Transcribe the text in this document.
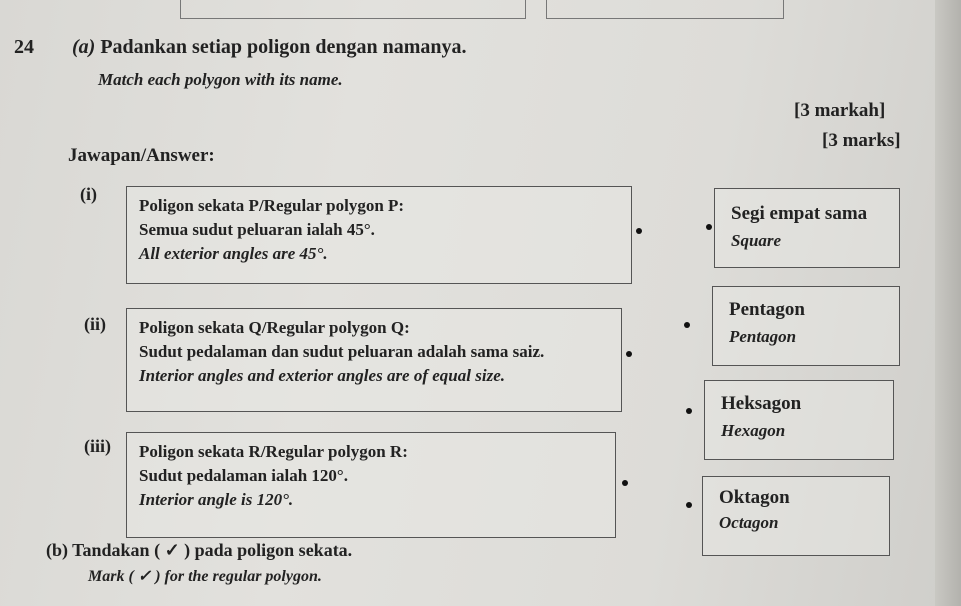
24 (a) Padankan setiap poligon dengan namanya.
Match each polygon with its name.
[3 markah]
[3 marks]
Jawapan/Answer:
(i)
Poligon sekata P/Regular polygon P:
Semua sudut peluaran ialah 45°.
All exterior angles are 45°.
(ii) Poligon sekata Q/Regular polygon Q:
Sudut pedalaman dan sudut peluaran adalah sama saiz.
Interior angles and exterior angles are of equal size.
(iii) Poligon sekata R/Regular polygon R:
Sudut pedalaman ialah 120°.
Interior angle is 120°.
Segi empat sama
Square
Pentagon
Pentagon
Heksagon
Hexagon
Oktagon
Octagon
(b) Tandakan ( ✓ ) pada poligon sekata.
Mark ( ✓ ) for the regular polygon.
